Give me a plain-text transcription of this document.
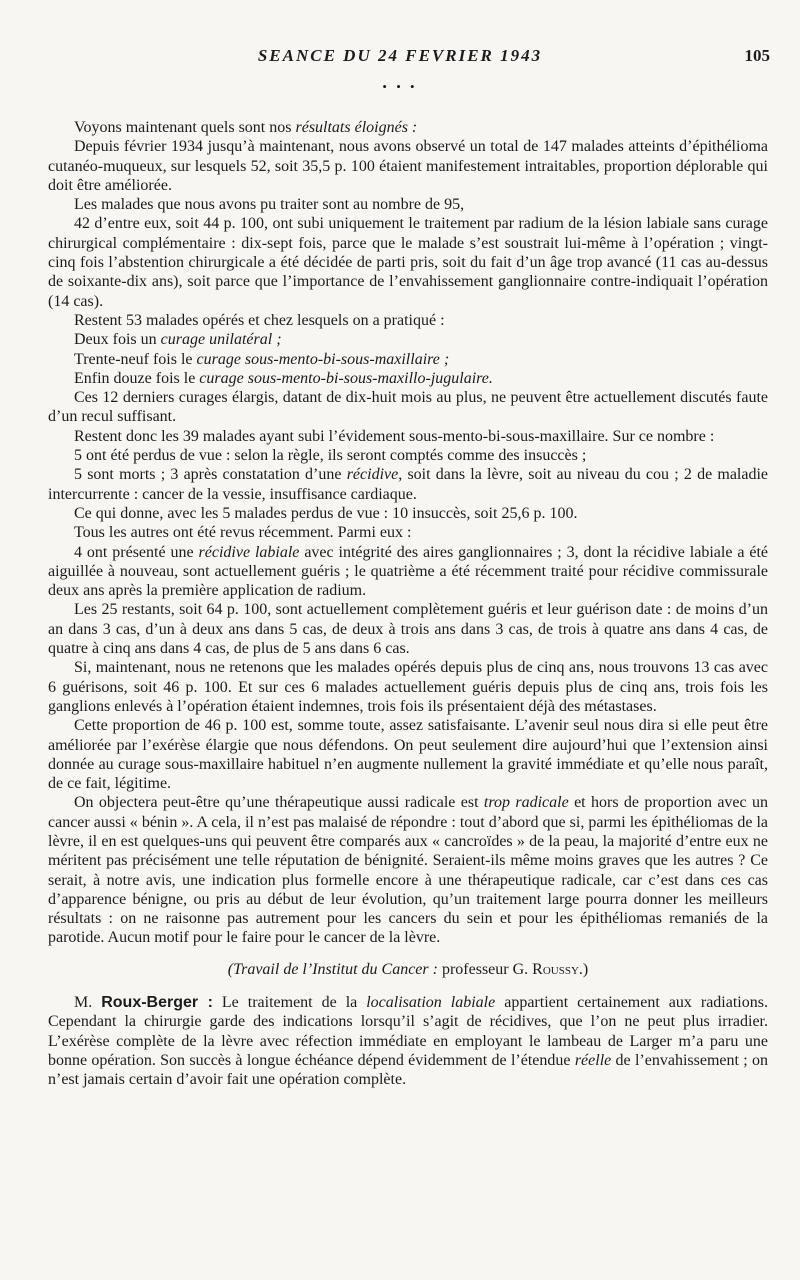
SEANCE DU 24 FEVRIER 1943	105
• • •

Voyons maintenant quels sont nos résultats éloignés :

Depuis février 1934 jusqu’à maintenant, nous avons observé un total de 147 malades atteints d’épithélioma cutanéo-muqueux, sur lesquels 52, soit 35,5 p. 100 étaient manifestement intraitables, proportion déplorable qui doit être améliorée.

Les malades que nous avons pu traiter sont au nombre de 95,

42 d’entre eux, soit 44 p. 100, ont subi uniquement le traitement par radium de la lésion labiale sans curage chirurgical complémentaire : dix-sept fois, parce que le malade s’est soustrait lui-même à l’opération ; vingt-cinq fois l’abstention chirurgicale a été décidée de parti pris, soit du fait d’un âge trop avancé (11 cas au-dessus de soixante-dix ans), soit parce que l’importance de l’envahissement ganglionnaire contre-indiquait l’opération (14 cas).

Restent 53 malades opérés et chez lesquels on a pratiqué :

Deux fois un curage unilatéral ;

Trente-neuf fois le curage sous-mento-bi-sous-maxillaire ;

Enfin douze fois le curage sous-mento-bi-sous-maxillo-jugulaire.

Ces 12 derniers curages élargis, datant de dix-huit mois au plus, ne peuvent être actuellement discutés faute d’un recul suffisant.

Restent donc les 39 malades ayant subi l’évidement sous-mento-bi-sous-maxillaire. Sur ce nombre :

5 ont été perdus de vue : selon la règle, ils seront comptés comme des insuccès ;

5 sont morts ; 3 après constatation d’une récidive, soit dans la lèvre, soit au niveau du cou ; 2 de maladie intercurrente : cancer de la vessie, insuffisance cardiaque.

Ce qui donne, avec les 5 malades perdus de vue : 10 insuccès, soit 25,6 p. 100.

Tous les autres ont été revus récemment. Parmi eux :

4 ont présenté une récidive labiale avec intégrité des aires ganglionnaires ; 3, dont la récidive labiale a été aiguillée à nouveau, sont actuellement guéris ; le quatrième a été récemment traité pour récidive commissurale deux ans après la première application de radium.

Les 25 restants, soit 64 p. 100, sont actuellement complètement guéris et leur guérison date : de moins d’un an dans 3 cas, d’un à deux ans dans 5 cas, de deux à trois ans dans 3 cas, de trois à quatre ans dans 4 cas, de quatre à cinq ans dans 4 cas, de plus de 5 ans dans 6 cas.

Si, maintenant, nous ne retenons que les malades opérés depuis plus de cinq ans, nous trouvons 13 cas avec 6 guérisons, soit 46 p. 100. Et sur ces 6 malades actuellement guéris depuis plus de cinq ans, trois fois les ganglions enlevés à l’opération étaient indemnes, trois fois ils présentaient déjà des métastases.

Cette proportion de 46 p. 100 est, somme toute, assez satisfaisante. L’avenir seul nous dira si elle peut être améliorée par l’exérèse élargie que nous défendons. On peut seulement dire aujourd’hui que l’extension ainsi donnée au curage sous-maxillaire habituel n’en augmente nullement la gravité immédiate et qu’elle nous paraît, de ce fait, légitime.

On objectera peut-être qu’une thérapeutique aussi radicale est trop radicale et hors de proportion avec un cancer aussi « bénin ». A cela, il n’est pas malaisé de répondre : tout d’abord que si, parmi les épithéliomas de la lèvre, il en est quelques-uns qui peuvent être comparés aux « cancroïdes » de la peau, la majorité d’entre eux ne méritent pas précisément une telle réputation de bénignité. Seraient-ils même moins graves que les autres ? Ce serait, à notre avis, une indication plus formelle encore à une thérapeutique radicale, car c’est dans ces cas d’apparence bénigne, ou pris au début de leur évolution, qu’un traitement large pourra donner les meilleurs résultats : on ne raisonne pas autrement pour les cancers du sein et pour les épithéliomas remaniés de la parotide. Aucun motif pour le faire pour le cancer de la lèvre.

(Travail de l’Institut du Cancer : professeur G. Roussy.)

M. Roux-Berger : Le traitement de la localisation labiale appartient certainement aux radiations. Cependant la chirurgie garde des indications lorsqu’il s’agit de récidives, que l’on ne peut plus irradier. L’exérèse complète de la lèvre avec réfection immédiate en employant le lambeau de Larger m’a paru une bonne opération. Son succès à longue échéance dépend évidemment de l’étendue réelle de l’envahissement ; on n’est jamais certain d’avoir fait une opération complète.
